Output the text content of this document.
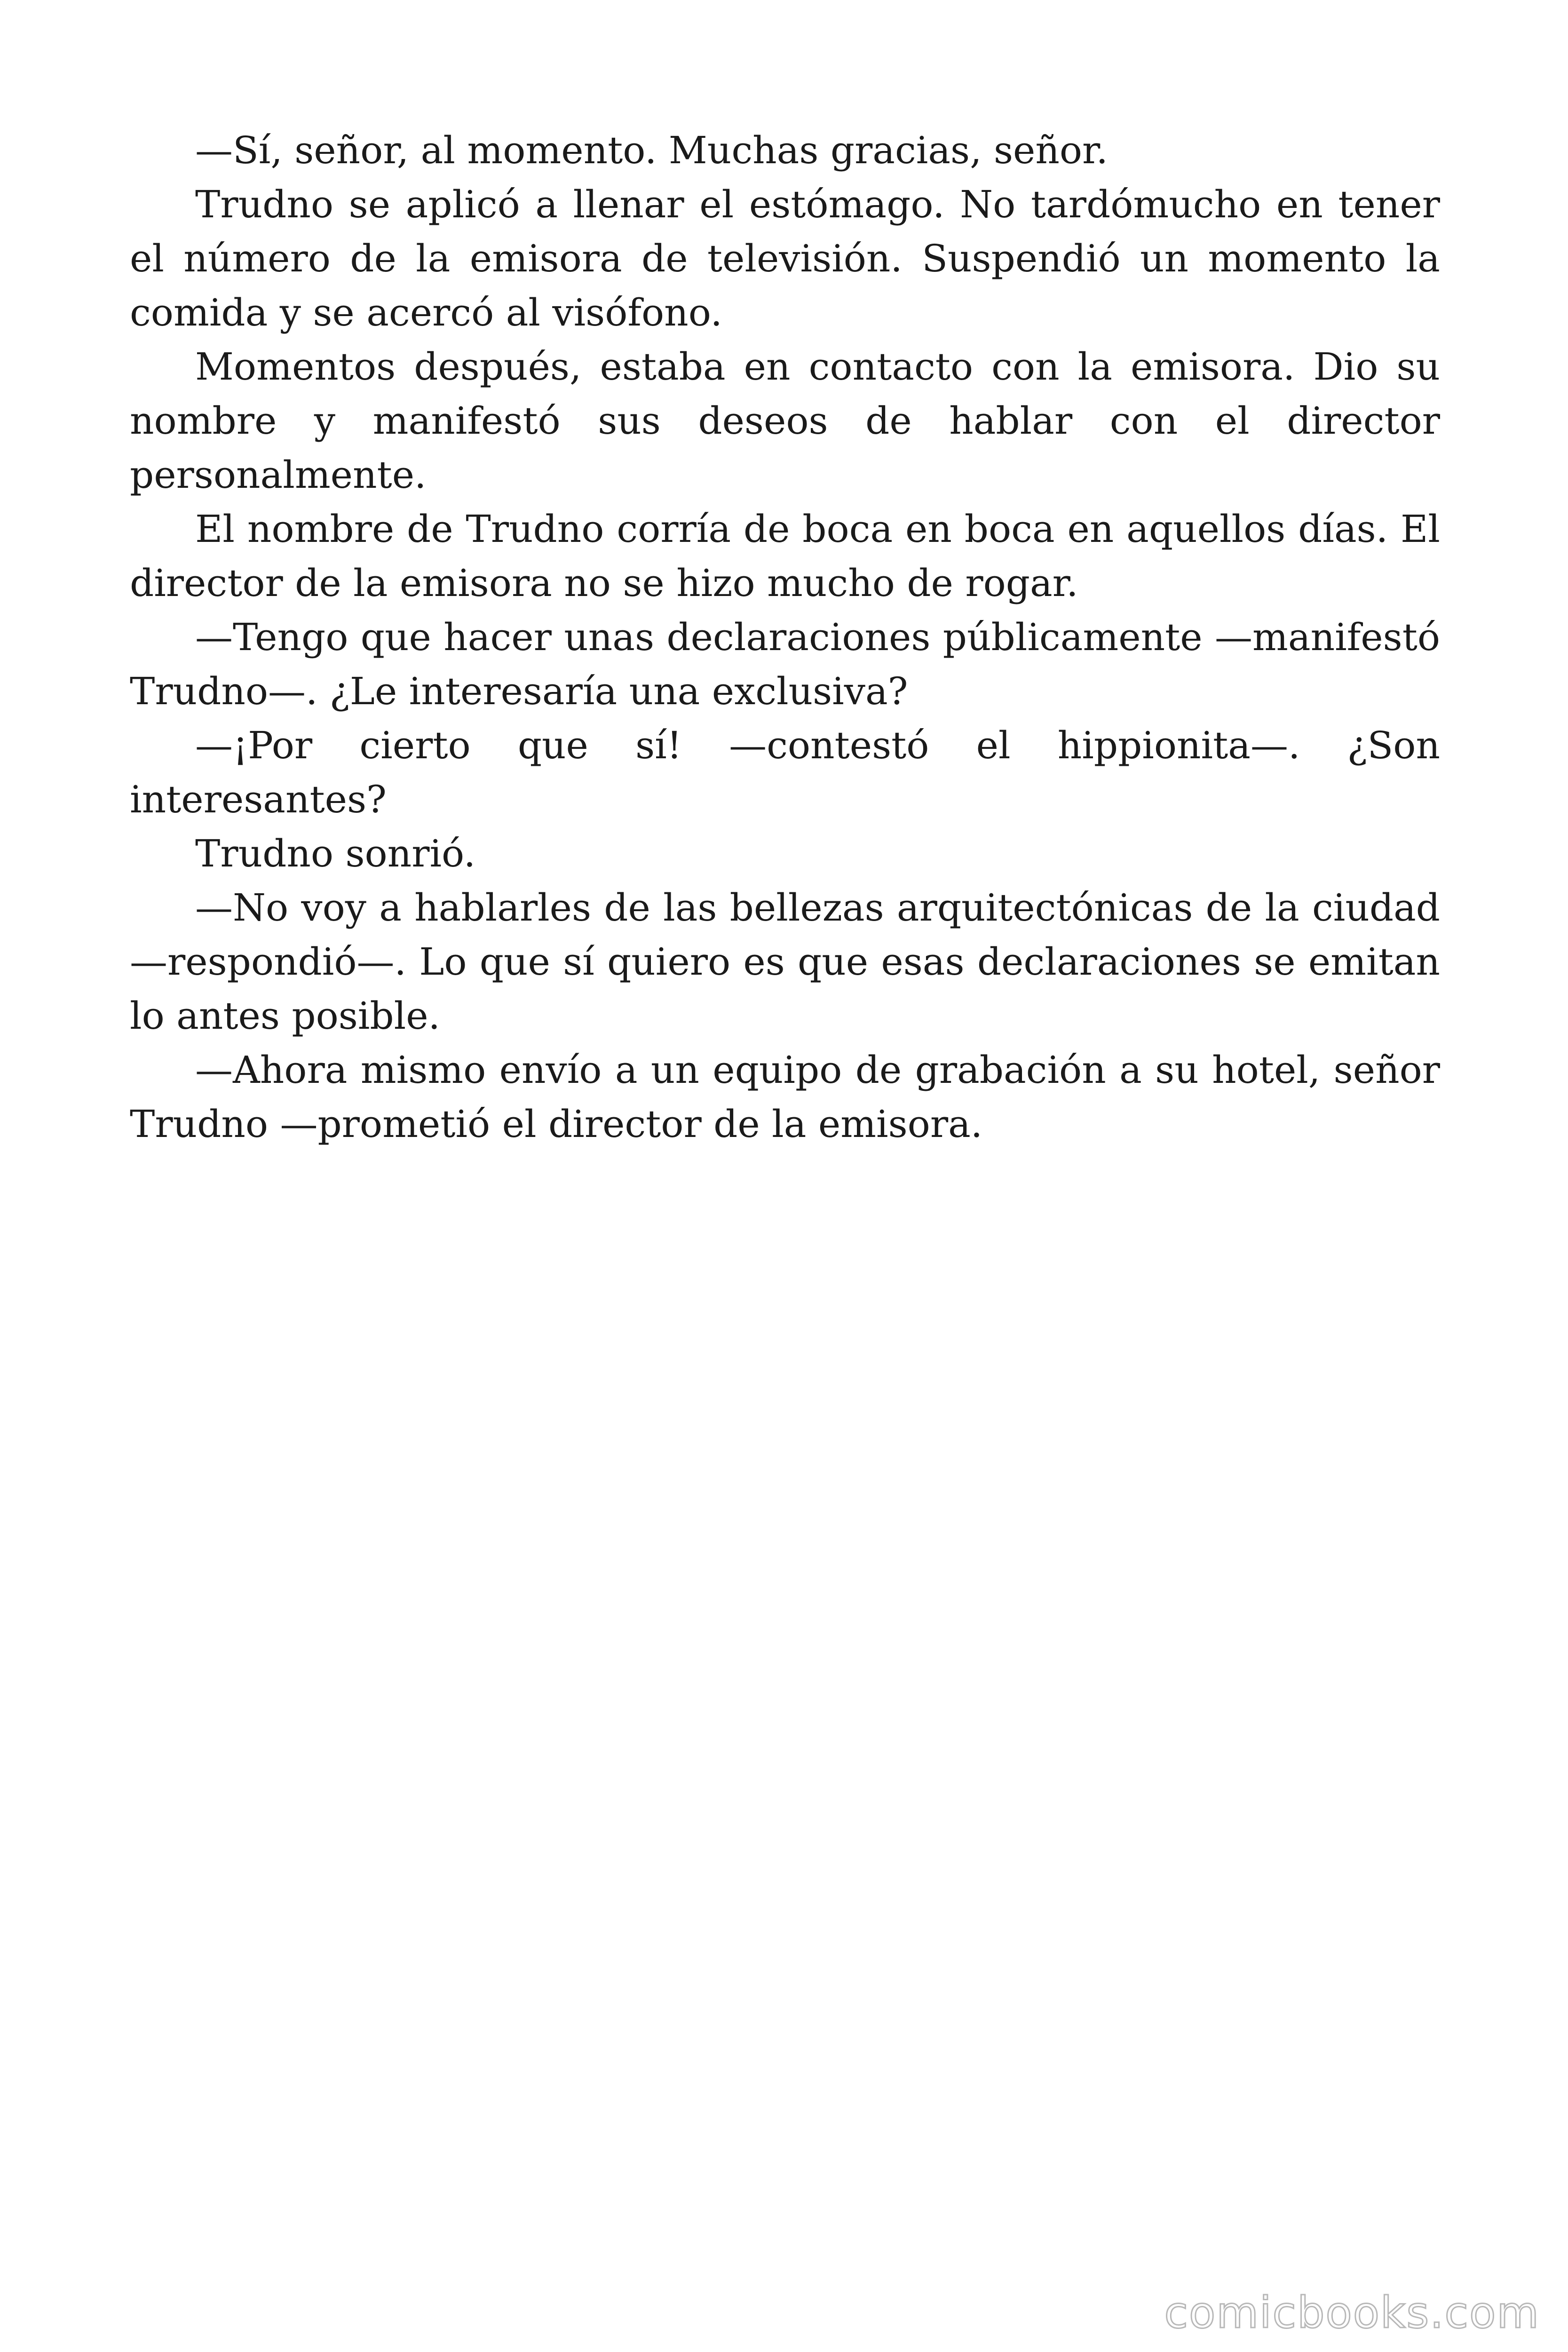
—Sí, señor, al momento. Muchas gracias, señor.

Trudno se aplicó a llenar el estómago. No tardómucho en tener el número de la emisora de televisión. Suspendió un momento la comida y se acercó al visófono.

Momentos después, estaba en contacto con la emisora. Dio su nombre y manifestó sus deseos de hablar con el director personalmente.

El nombre de Trudno corría de boca en boca en aquellos días. El director de la emisora no se hizo mucho de rogar.

—Tengo que hacer unas declaraciones públicamente —manifestó Trudno—. ¿Le interesaría una exclusiva?

—¡Por cierto que sí! —contestó el hippionita—. ¿Son interesantes?

Trudno sonrió.

—No voy a hablarles de las bellezas arquitectónicas de la ciudad —respondió—. Lo que sí quiero es que esas declaraciones se emitan lo antes posible.

—Ahora mismo envío a un equipo de grabación a su hotel, señor Trudno —prometió el director de la emisora.

comicbooks.com
